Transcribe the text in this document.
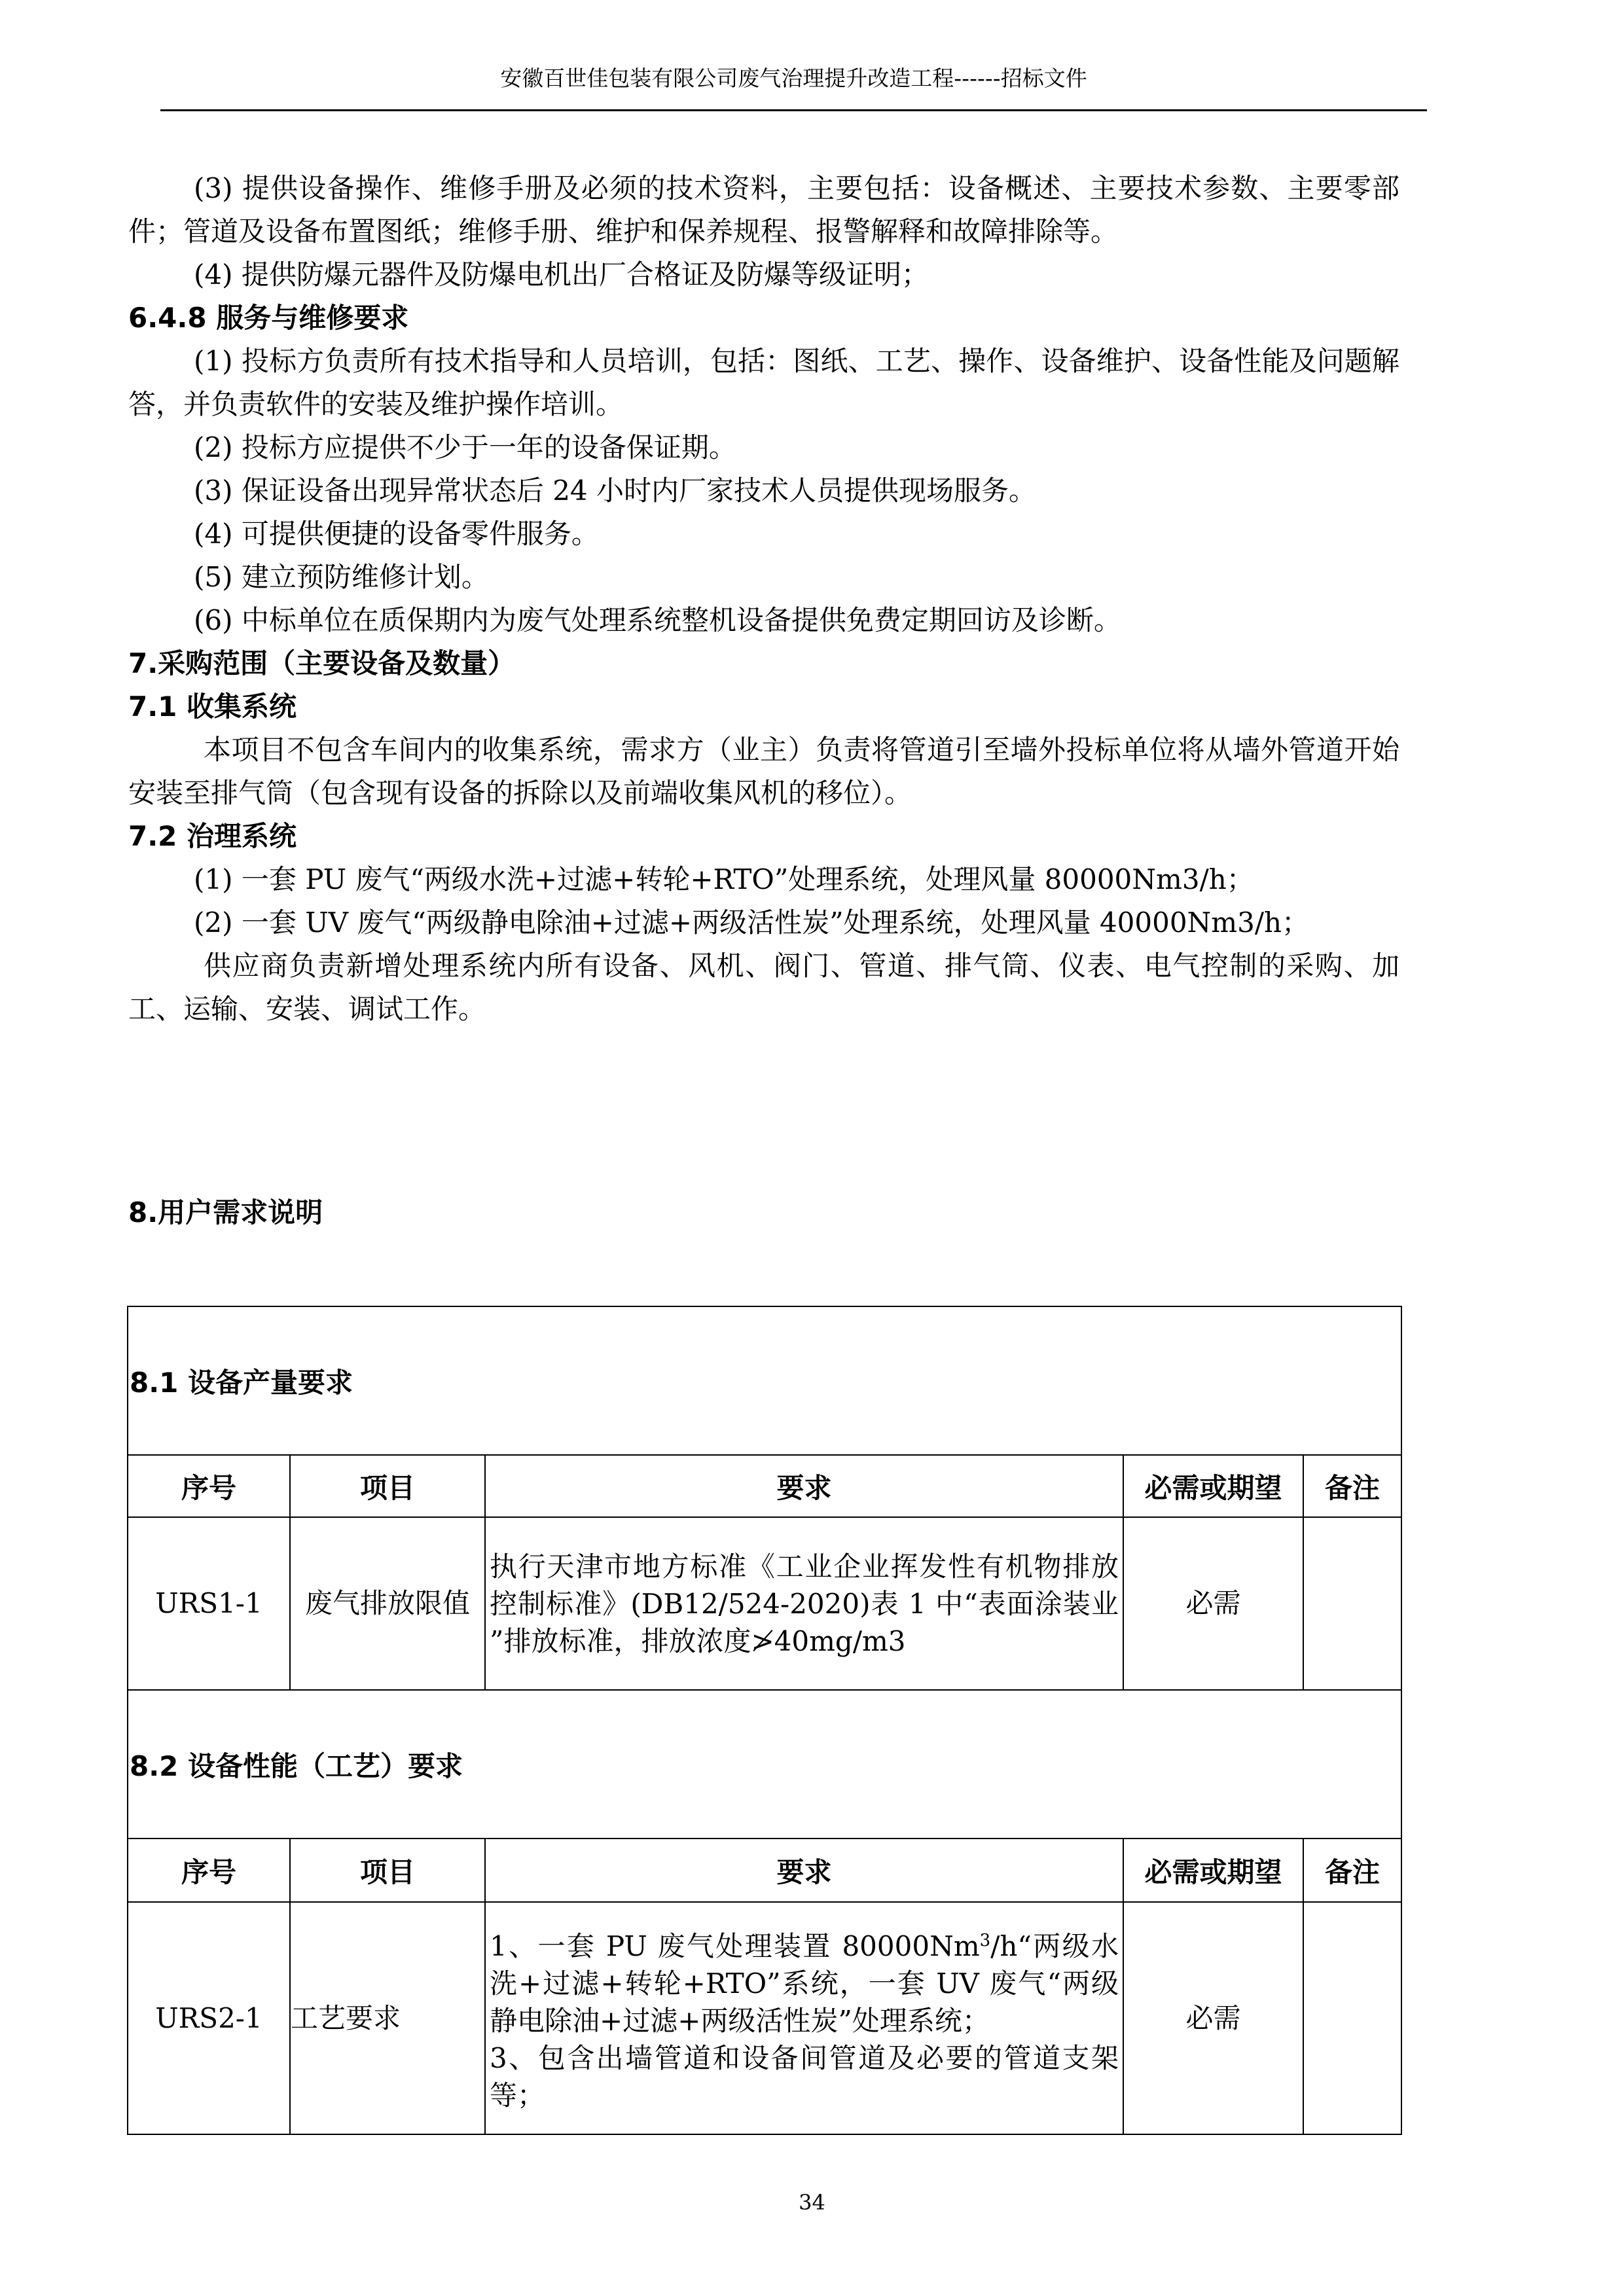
安徽百世佳包装有限公司废气治理提升改造工程------招标文件

(3) 提供设备操作、维修手册及必须的技术资料，主要包括：设备概述、主要技术参数、主要零部件；管道及设备布置图纸；维修手册、维护和保养规程、报警解释和故障排除等。

(4) 提供防爆元器件及防爆电机出厂合格证及防爆等级证明；

6.4.8 服务与维修要求

(1) 投标方负责所有技术指导和人员培训，包括：图纸、工艺、操作、设备维护、设备性能及问题解答，并负责软件的安装及维护操作培训。

(2) 投标方应提供不少于一年的设备保证期。

(3) 保证设备出现异常状态后 24 小时内厂家技术人员提供现场服务。

(4) 可提供便捷的设备零件服务。

(5) 建立预防维修计划。

(6) 中标单位在质保期内为废气处理系统整机设备提供免费定期回访及诊断。

7.采购范围（主要设备及数量）

7.1 收集系统

本项目不包含车间内的收集系统，需求方（业主）负责将管道引至墙外投标单位将从墙外管道开始安装至排气筒（包含现有设备的拆除以及前端收集风机的移位）。

7.2 治理系统

(1) 一套 PU 废气“两级水洗+过滤+转轮+RTO”处理系统，处理风量 80000Nm3/h；

(2) 一套 UV 废气“两级静电除油+过滤+两级活性炭”处理系统，处理风量 40000Nm3/h；

供应商负责新增处理系统内所有设备、风机、阀门、管道、排气筒、仪表、电气控制的采购、加工、运输、安装、调试工作。

8.用户需求说明
8.1 设备产量要求				
序号	项目	要求	必需或期望	备注
URS1-1	废气排放限值	执行天津市地方标准《工业企业挥发性有机物排放 控制标准》(DB12/524-2020)表 1 中“表面涂装业 ”排放标准，排放浓度≯40mg/m3	必需	
8.2 设备性能（工艺）要求				
序号	项目	要求	必需或期望	备注
URS2-1	工艺要求	1、一套 PU 废气处理装置 80000Nm$^3$/h“两级水洗+过滤+转轮+RTO”系统，一套 UV 废气“两级静电除油+过滤+两级活性炭”处理系统；
3、包含出墙管道和设备间管道及必要的管道支架等；	必需	
34
